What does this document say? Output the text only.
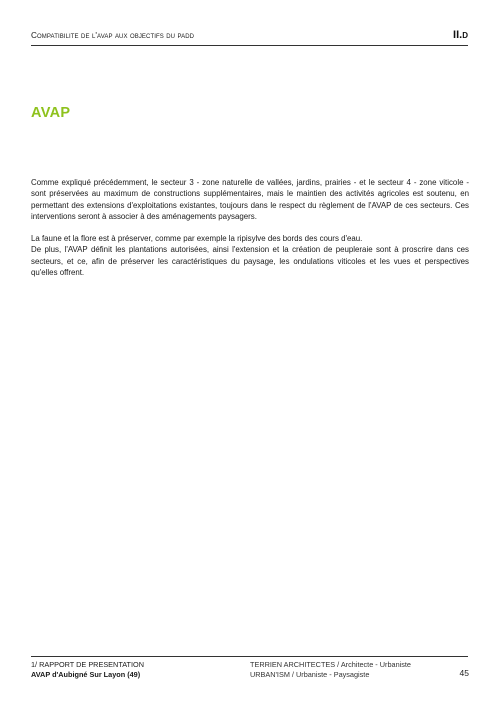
Compatibilite de l'avap aux objectifs du padd	II.d
AVAP

Comme expliqué précédemment, le secteur 3 - zone naturelle de vallées, jardins, prairies - et le secteur 4 - zone viticole - sont préservées au maximum de constructions supplémentaires, mais le maintien des activités agricoles est soutenu, en permettant des extensions d'exploitations existantes, toujours dans le respect du règlement de l'AVAP de ces secteurs. Ces interventions seront à associer à des aménagements paysagers.

La faune et la flore est à préserver, comme par exemple la ripisylve des bords des cours d'eau.

De plus, l'AVAP définit les plantations autorisées, ainsi l'extension et la création de peupleraie sont à proscrire dans ces secteurs, et ce, afin de préserver les caractéristiques du paysage, les ondulations viticoles et les vues et perspectives qu'elles offrent.

1/ RAPPORT DE PRESENTATION
AVAP d'Aubigné Sur Layon (49)
TERRIEN ARCHITECTES / Architecte - Urbaniste
URBAN'ISM / Urbaniste - Paysagiste	45
